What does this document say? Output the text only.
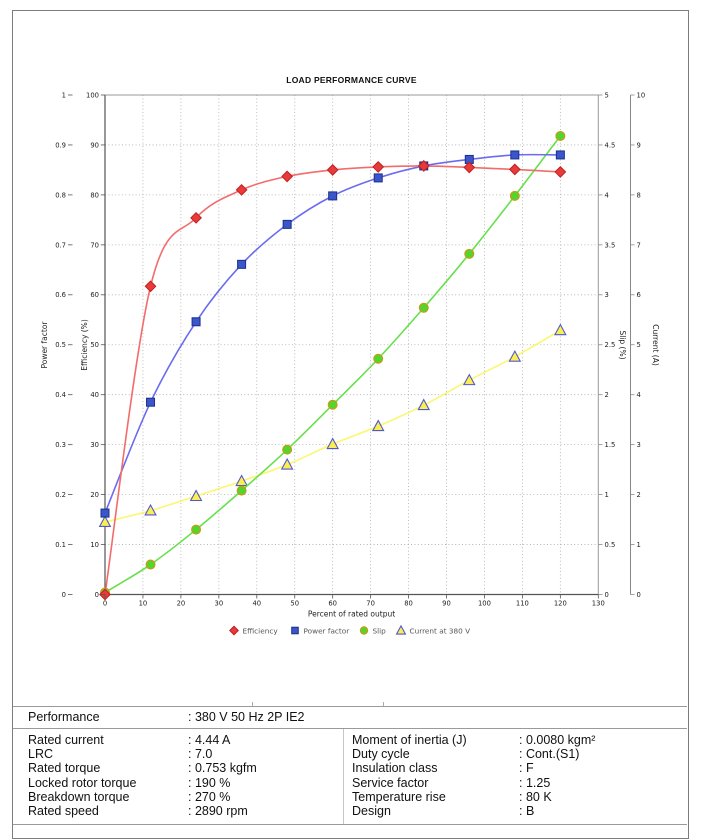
LOAD PERFORMANCE CURVE
0
0.1
0.2
0.3
0.4
0.5
0.6
0.7
0.8
0.9
1
0
10
20
30
40
50
60
70
80
90
100
0
0.5
1
1.5
2
2.5
3
3.5
4
4.5
5
0
1
2
3
4
5
6
7
8
9
10
0	10	20	30	40	50	60	70	80	90	100	110	120	130
Power factor	Efficiency (%)	Slip (%)	Current (A)
Percent of rated output
Efficiency	Power factor	Slip	Current at 380 V
Performance	: 380 V 50 Hz 2P IE2
Rated current	: 4.44 A	Moment of inertia (J)	: 0.0080 kgm²
LRC	: 7.0	Duty cycle	: Cont.(S1)
Rated torque	: 0.753 kgfm	Insulation class	: F
Locked rotor torque	: 190 %	Service factor	: 1.25
Breakdown torque	: 270 %	Temperature rise	: 80 K
Rated speed	: 2890 rpm	Design	: B
